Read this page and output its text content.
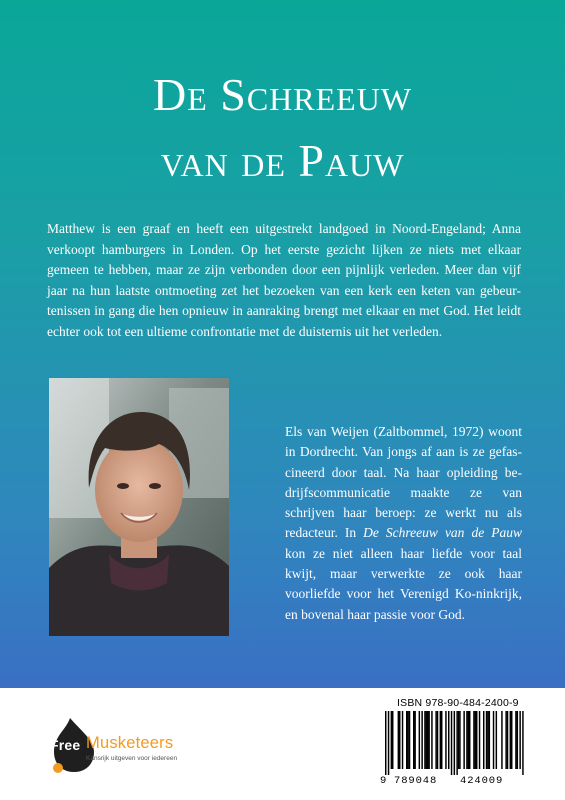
De Schreeuw
van de Pauw
Matthew is een graaf en heeft een uitgestrekt landgoed in Noord-Engeland; Anna verkoopt hamburgers in Londen. Op het eerste gezicht lijken ze niets met elkaar gemeen te hebben, maar ze zijn verbonden door een pijnlijk verleden. Meer dan vijf jaar na hun laatste ontmoeting zet het bezoeken van een kerk een keten van gebeur-tenissen in gang die hen opnieuw in aanraking brengt met elkaar en met God. Het leidt echter ook tot een ultieme confrontatie met de duisternis uit het verleden.
Els van Weijen (Zaltbommel, 1972) woont in Dordrecht. Van jongs af aan is ze gefas-cineerd door taal. Na haar opleiding be-drijfscommunicatie maakte ze van schrijven haar beroep: ze werkt nu als redacteur. In De Schreeuw van de Pauw kon ze niet alleen haar liefde voor taal kwijt, maar verwerkte ze ook haar voorliefde voor het Verenigd Ko-ninkrijk, en bovenal haar passie voor God.
Free Musketeers
Kansrijk uitgeven voor iedereen
ISBN 978-90-484-2400-9
9 789048 424009
